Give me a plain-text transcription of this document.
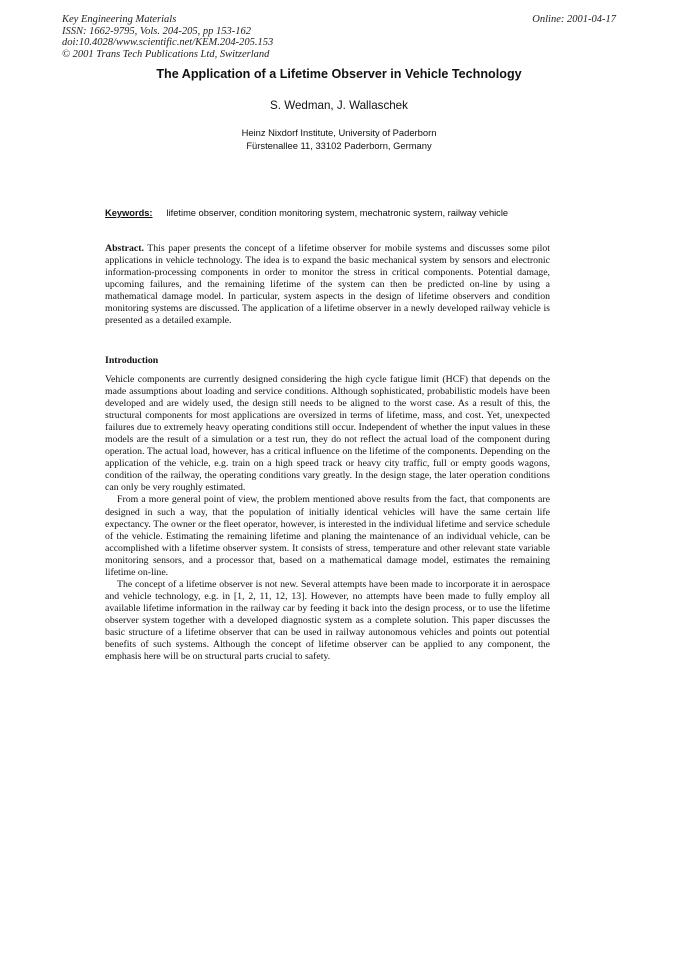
Key Engineering Materials
ISSN: 1662-9795, Vols. 204-205, pp 153-162
doi:10.4028/www.scientific.net/KEM.204-205.153
© 2001 Trans Tech Publications Ltd, Switzerland
Online: 2001-04-17
The Application of a Lifetime Observer in Vehicle Technology
S. Wedman, J. Wallaschek
Heinz Nixdorf Institute, University of Paderborn
Fürstenallee 11, 33102 Paderborn, Germany
Keywords: lifetime observer, condition monitoring system, mechatronic system, railway vehicle

Abstract. This paper presents the concept of a lifetime observer for mobile systems and discusses some pilot applications in vehicle technology. The idea is to expand the basic mechanical system by sensors and electronic information-processing components in order to monitor the stress in critical components. Potential damage, upcoming failures, and the remaining lifetime of the system can then be predicted on-line by using a mathematical damage model. In particular, system aspects in the design of lifetime observers and condition monitoring systems are discussed. The application of a lifetime observer in a newly developed railway vehicle is presented as a detailed example.

Introduction

Vehicle components are currently designed considering the high cycle fatigue limit (HCF) that depends on the made assumptions about loading and service conditions. Although sophisticated, probabilistic models have been developed and are widely used, the design still needs to be aligned to the worst case. As a result of this, the structural components for most applications are oversized in terms of lifetime, mass, and cost. Yet, unexpected failures due to extremely heavy operating conditions still occur. Independent of whether the input values in these models are the result of a simulation or a test run, they do not reflect the actual load of the component during operation. The actual load, however, has a critical influence on the lifetime of the components. Depending on the application of the vehicle, e.g. train on a high speed track or heavy city traffic, full or empty goods wagons, condition of the railway, the operating conditions vary greatly. In the design stage, the later operation conditions can only be very roughly estimated.

From a more general point of view, the problem mentioned above results from the fact, that components are designed in such a way, that the population of initially identical vehicles will have the same certain life expectancy. The owner or the fleet operator, however, is interested in the individual lifetime and service schedule of the vehicle. Estimating the remaining lifetime and planing the maintenance of an individual vehicle, can be accomplished with a lifetime observer system. It consists of stress, temperature and other relevant state variable monitoring sensors, and a processor that, based on a mathematical damage model, estimates the remaining lifetime on-line.

The concept of a lifetime observer is not new. Several attempts have been made to incorporate it in aerospace and vehicle technology, e.g. in [1, 2, 11, 12, 13]. However, no attempts have been made to fully employ all available lifetime information in the railway car by feeding it back into the design process, or to use the lifetime observer system together with a developed diagnostic system as a complete solution. This paper discusses the basic structure of a lifetime observer that can be used in railway autonomous vehicles and points out potential benefits of such systems. Although the concept of lifetime observer can be applied to any component, the emphasis here will be on structural parts crucial to safety.
